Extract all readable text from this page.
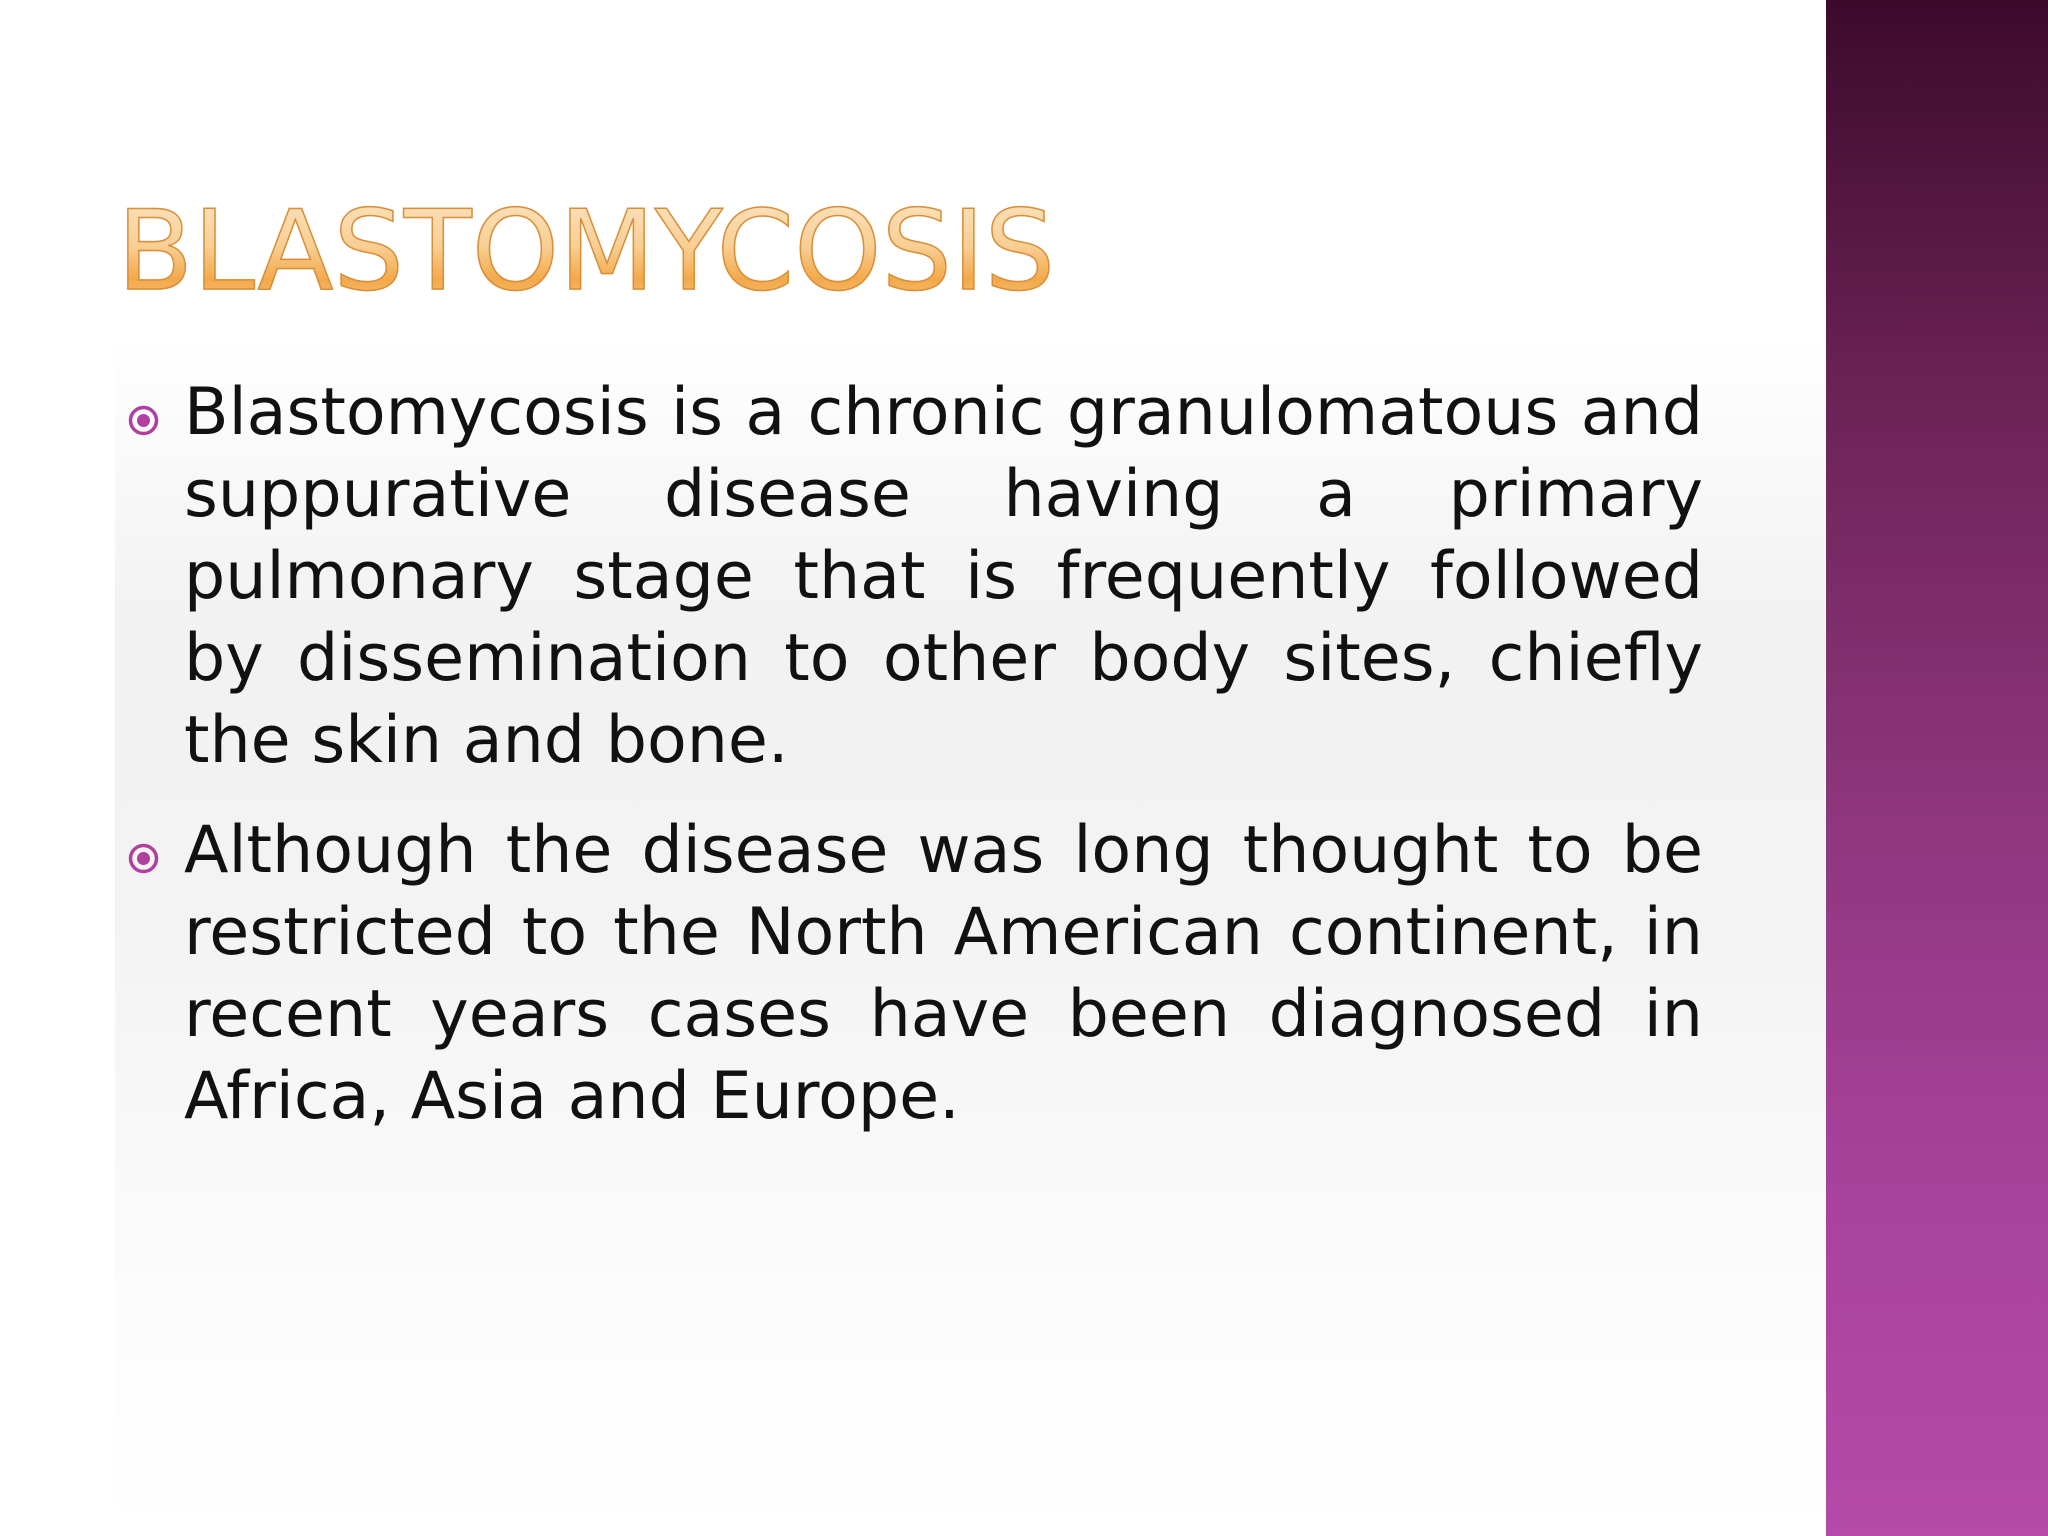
BLASTOMYCOSIS
Blastomycosis is a chronic granulomatous and suppurative disease having a primary pulmonary stage that is frequently followed by dissemination to other body sites, chiefly the skin and bone.
Although the disease was long thought to be restricted to the North American continent, in recent years cases have been diagnosed in Africa, Asia and Europe.
